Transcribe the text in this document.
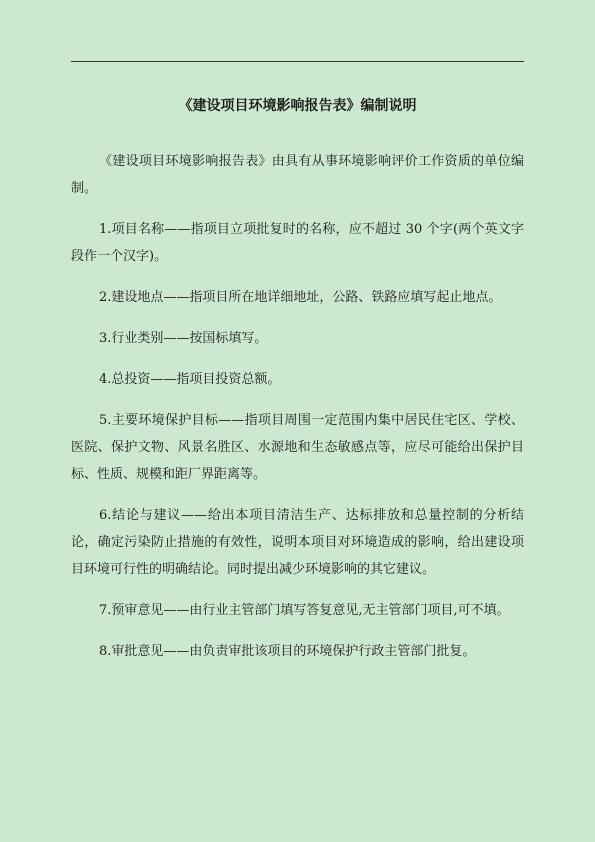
《建设项目环境影响报告表》编制说明

《建设项目环境影响报告表》由具有从事环境影响评价工作资质的单位编制。

1.项目名称——指项目立项批复时的名称，应不超过 30 个字(两个英文字段作一个汉字)。

2.建设地点——指项目所在地详细地址，公路、铁路应填写起止地点。

3.行业类别——按国标填写。

4.总投资——指项目投资总额。

5.主要环境保护目标——指项目周围一定范围内集中居民住宅区、学校、医院、保护文物、风景名胜区、水源地和生态敏感点等，应尽可能给出保护目标、性质、规模和距厂界距离等。

6.结论与建议——给出本项目清洁生产、达标排放和总量控制的分析结论，确定污染防止措施的有效性，说明本项目对环境造成的影响，给出建设项目环境可行性的明确结论。同时提出减少环境影响的其它建议。

7.预审意见——由行业主管部门填写答复意见,无主管部门项目,可不填。

8.审批意见——由负责审批该项目的环境保护行政主管部门批复。
